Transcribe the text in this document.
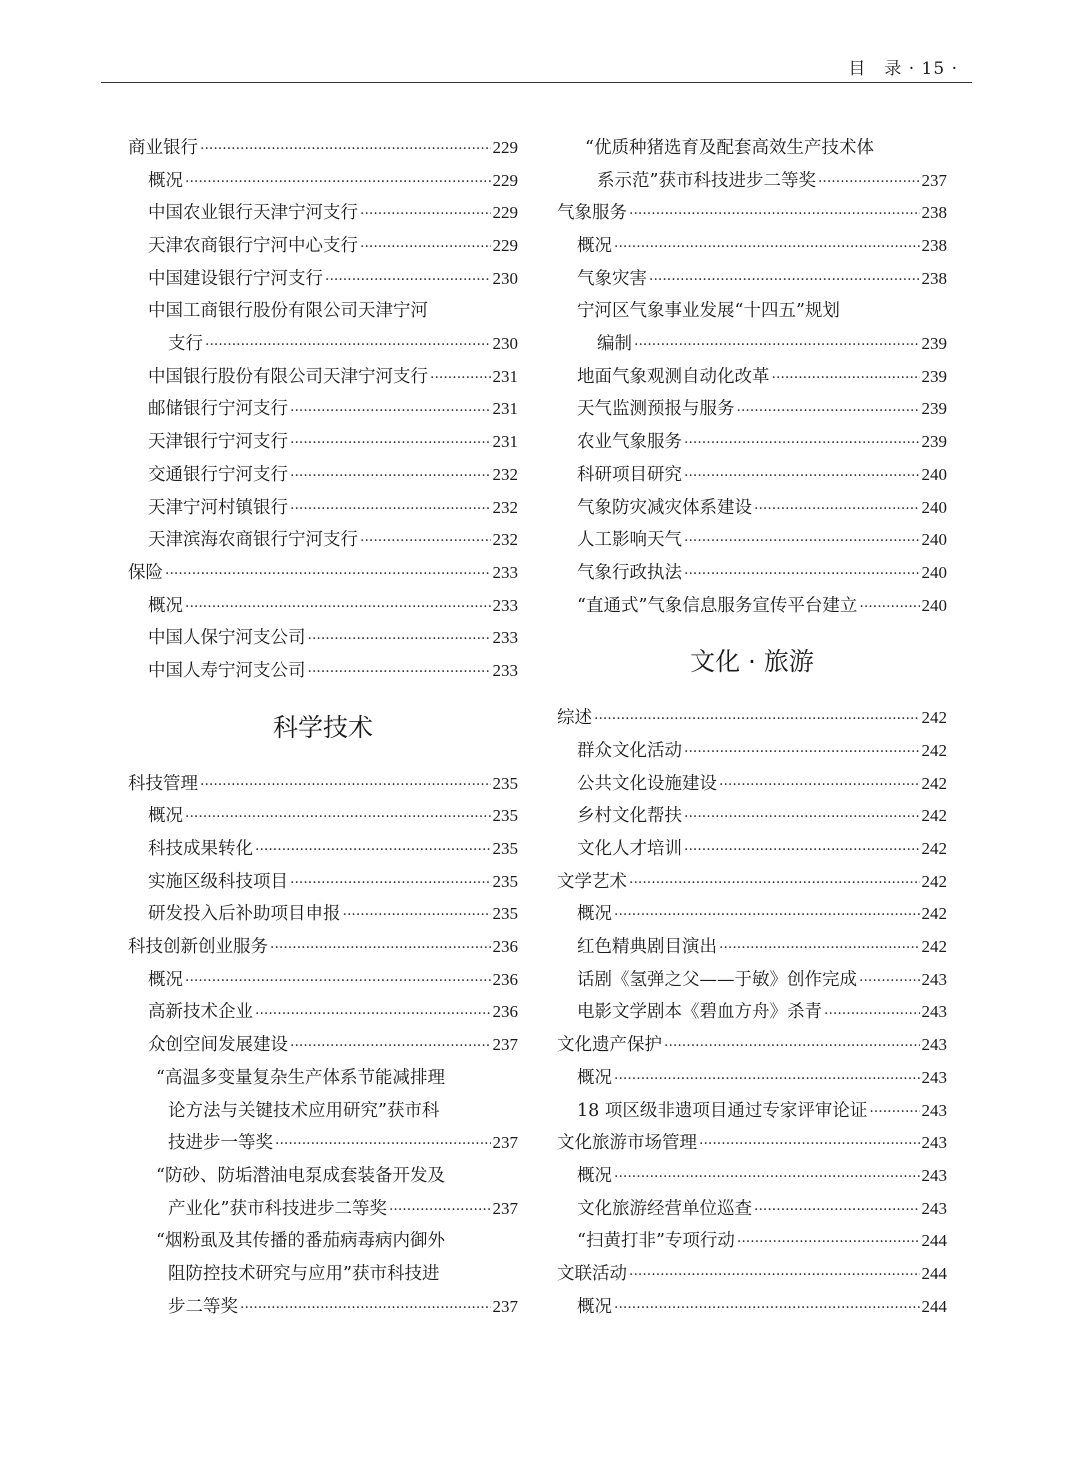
目　录 · 15 ·
商业银行 ·····	229
概况 ·····	229
中国农业银行天津宁河支行 ·····	229
天津农商银行宁河中心支行 ·····	229
中国建设银行宁河支行 ·····	230
中国工商银行股份有限公司天津宁河
支行 ·····	230
中国银行股份有限公司天津宁河支行 ·····	231
邮储银行宁河支行 ·····	231
天津银行宁河支行 ·····	231
交通银行宁河支行 ·····	232
天津宁河村镇银行 ·····	232
天津滨海农商银行宁河支行 ·····	232
保险 ·····	233
概况 ·····	233
中国人保宁河支公司 ·····	233
中国人寿宁河支公司 ·····	233
科学技术
科技管理 ·····	235
概况 ·····	235
科技成果转化 ·····	235
实施区级科技项目 ·····	235
研发投入后补助项目申报 ·····	235
科技创新创业服务 ·····	236
概况 ·····	236
高新技术企业 ·····	236
众创空间发展建设 ·····	237
“高温多变量复杂生产体系节能减排理
论方法与关键技术应用研究”获市科
技进步一等奖 ·····	237
“防砂、防垢潜油电泵成套装备开发及
产业化”获市科技进步二等奖 ·····	237
“烟粉虱及其传播的番茄病毒病内御外
阻防控技术研究与应用”获市科技进
步二等奖 ·····	237
“优质种猪选育及配套高效生产技术体
系示范”获市科技进步二等奖 ·····	237
气象服务 ·····	238
概况 ·····	238
气象灾害 ·····	238
宁河区气象事业发展“十四五”规划
编制 ·····	239
地面气象观测自动化改革 ·····	239
天气监测预报与服务 ·····	239
农业气象服务 ·····	239
科研项目研究 ·····	240
气象防灾减灾体系建设 ·····	240
人工影响天气 ·····	240
气象行政执法 ·····	240
“直通式”气象信息服务宣传平台建立 ·····	240
文化 · 旅游
综述 ·····	242
群众文化活动 ·····	242
公共文化设施建设 ·····	242
乡村文化帮扶 ·····	242
文化人才培训 ·····	242
文学艺术 ·····	242
概况 ·····	242
红色精典剧目演出 ·····	242
话剧《氢弹之父——于敏》创作完成 ·····	243
电影文学剧本《碧血方舟》杀青 ·····	243
文化遗产保护 ·····	243
概况 ·····	243
18 项区级非遗项目通过专家评审论证 ·····	243
文化旅游市场管理 ·····	243
概况 ·····	243
文化旅游经营单位巡查 ·····	243
“扫黄打非”专项行动 ·····	244
文联活动 ·····	244
概况 ·····	244
